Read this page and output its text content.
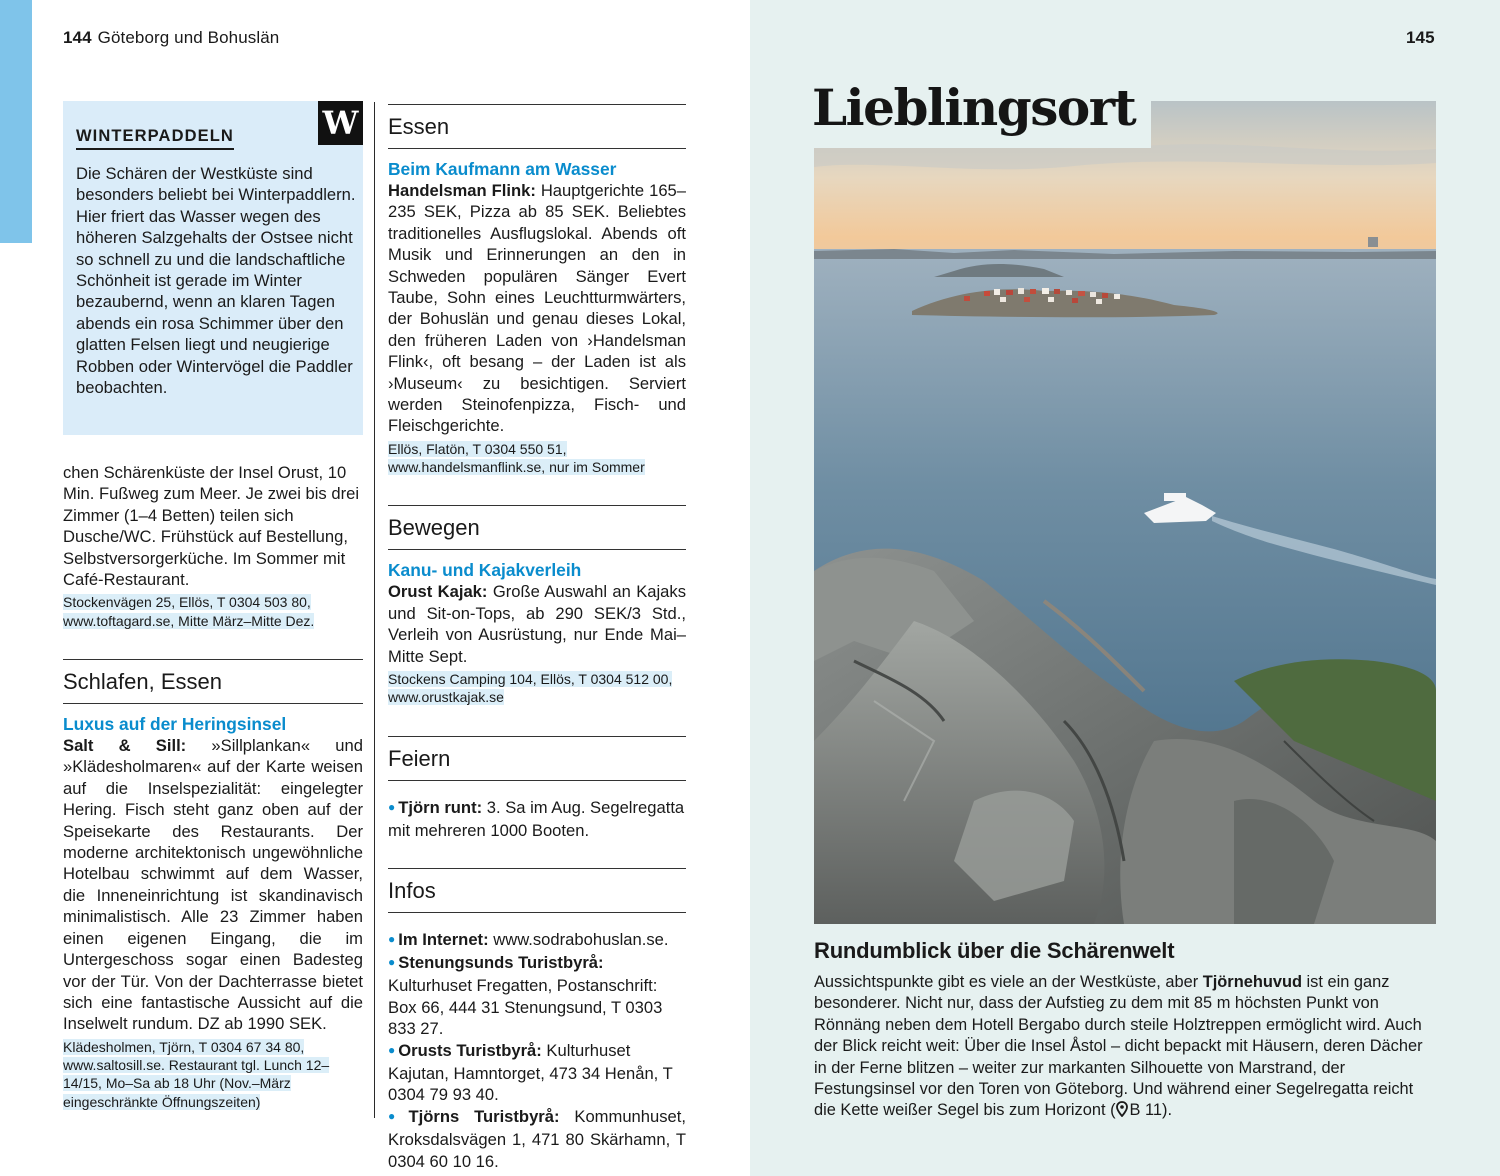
144 Göteborg und Bohuslän
WINTERPADDELN
Die Schären der Westküste sind besonders beliebt bei Winterpaddlern. Hier friert das Wasser wegen des höheren Salzgehalts der Ostsee nicht so schnell zu und die landschaftliche Schönheit ist gerade im Winter bezaubernd, wenn an klaren Tagen abends ein rosa Schimmer über den glatten Felsen liegt und neugierige Robben oder Wintervögel die Paddler beobachten.
W

chen Schärenküste der Insel Orust, 10 Min. Fußweg zum Meer. Je zwei bis drei Zimmer (1–4 Betten) teilen sich Dusche/WC. Frühstück auf Bestellung, Selbstversorgerküche. Im Sommer mit Café-Restaurant.

Stockenvägen 25, Ellös, T 0304 503 80, www.toftagard.se, Mitte März–Mitte Dez.

Schlafen, Essen
Luxus auf der Heringsinsel

Salt & Sill: »Sillplankan« und »Klädesholmaren« auf der Karte weisen auf die Inselspezialität: eingelegter Hering. Fisch steht ganz oben auf der Speisekarte des Restaurants. Der moderne architektonisch ungewöhnliche Hotelbau schwimmt auf dem Wasser, die Inneneinrichtung ist skandinavisch minimalistisch. Alle 23 Zimmer haben einen eigenen Eingang, die im Untergeschoss sogar einen Badesteg vor der Tür. Von der Dachterrasse bietet sich eine fantastische Aussicht auf die Inselwelt rundum. DZ ab 1990 SEK.

Klädesholmen, Tjörn, T 0304 67 34 80, www.saltosill.se. Restaurant tgl. Lunch 12–14/15, Mo–Sa ab 18 Uhr (Nov.–März eingeschränkte Öffnungszeiten)

Essen
Beim Kaufmann am Wasser

Handelsman Flink: Hauptgerichte 165–235 SEK, Pizza ab 85 SEK. Beliebtes traditionelles Ausflugslokal. Abends oft Musik und Erinnerungen an den in Schweden populären Sänger Evert Taube, Sohn eines Leuchtturmwärters, der Bohuslän und genau dieses Lokal, den früheren Laden von ›Handelsman Flink‹, oft besang – der Laden ist als ›Museum‹ zu besichtigen. Serviert werden Steinofenpizza, Fisch- und Fleischgerichte.

Ellös, Flatön, T 0304 550 51, www.handelsmanflink.se, nur im Sommer

Bewegen
Kanu- und Kajakverleih

Orust Kajak: Große Auswahl an Kajaks und Sit-on-Tops, ab 290 SEK/3 Std., Verleih von Ausrüstung, nur Ende Mai–Mitte Sept.

Stockens Camping 104, Ellös, T 0304 512 00, www.orustkajak.se

Feiern

● Tjörn runt: 3. Sa im Aug. Segelregatta mit mehreren 1000 Booten.

Infos

● Im Internet: www.sodrabohuslan.se.

● Stenungsunds Turistbyrå: Kulturhuset Fregatten, Postanschrift: Box 66, 444 31 Stenungsund, T 0303 833 27.

● Orusts Turistbyrå: Kulturhuset Kajutan, Hamntorget, 473 34 Henån, T 0304 79 93 40.

● Tjörns Turistbyrå: Kommunhuset, Kroksdalsvägen 1, 471 80 Skärhamn, T 0304 60 10 16.

145
Lieblingsort
Rundumblick über die Schärenwelt

Aussichtspunkte gibt es viele an der Westküste, aber Tjörnehuvud ist ein ganz besonderer. Nicht nur, dass der Aufstieg zu dem mit 85 m höchsten Punkt von Rönnäng neben dem Hotell Bergabo durch steile Holztreppen ermöglicht wird. Auch der Blick reicht weit: Über die Insel Åstol – dicht bepackt mit Häusern, deren Dächer in der Ferne blitzen – weiter zur markanten Silhouette von Marstrand, der Festungsinsel vor den Toren von Göteborg. Und während einer Segelregatta reicht die Kette weißer Segel bis zum Horizont ( B 11).
